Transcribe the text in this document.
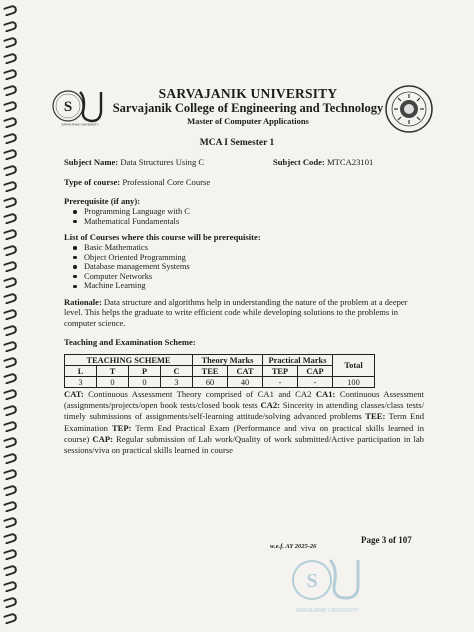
S
SARVAJANIK UNIVERSITY
SARVAJANIK UNIVERSITY
Sarvajanik College of Engineering and Technology
Master of Computer Applications
MCA I Semester 1
Subject Name: Data Structures Using C	Subject Code: MTCA23101
Type of course: Professional Core Course
Prerequisite (if any):
Programming Language with C
Mathematical Fundamentals
List of Courses where this course will be prerequisite:
Basic Mathematics
Object Oriented Programming
Database management Systems
Computer Networks
Machine Learning
Rationale: Data structure and algorithms help in understanding the nature of the problem at a deeper level. This helps the graduate to write efficient code while developing solutions to the problems in computer science.
Teaching and Examination Scheme:
TEACHING SCHEME				Theory Marks		Practical Marks		Total
L	T	P	C	TEE	CAT	TEP	CAP	
3	0	0	3	60	40	-	-	100
CAT: Continuous Assessment Theory comprised of CA1 and CA2 CA1: Continuous Assessment (assignments/projects/open book tests/closed book tests CA2: Sincerity in attending classes/class tests/ timely submissions of assignments/self-learning attitude/solving advanced problems TEE: Term End Examination TEP: Term End Practical Exam (Performance and viva on practical skills learned in course) CAP: Regular submission of Lab work/Quality of work submitted/Active participation in lab sessions/viva on practical skills learned in course
Page 3 of 107
w.e.f. AY 2025-26
S
SARVAJANIK UNIVERSITY
